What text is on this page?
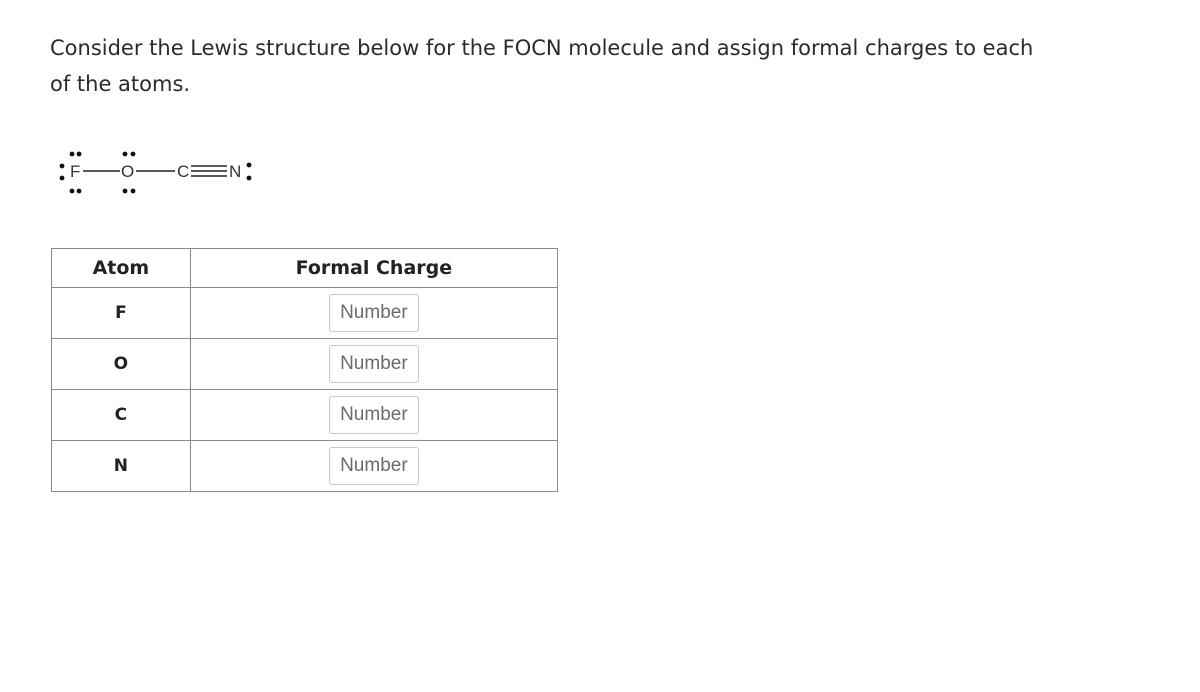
Consider the Lewis structure below for the FOCN molecule and assign formal charges to each of the atoms.

F O	C N
Atom	Formal Charge
F	Number
O	Number
C	Number
N	Number
